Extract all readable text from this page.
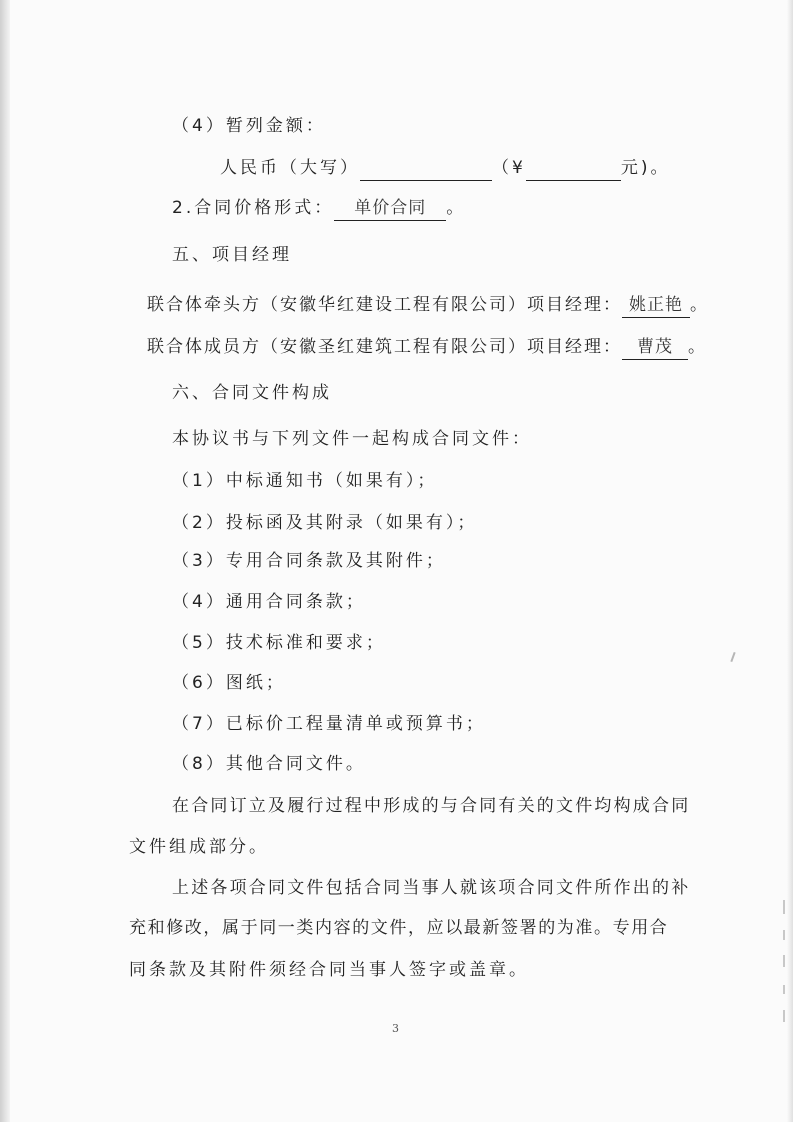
（4）暂列金额：
人民币（大写）	（¥	元)。
2.合同价格形式： 单价合同 。
五、项目经理
联合体牵头方（安徽华红建设工程有限公司）项目经理： 姚正艳 。
联合体成员方（安徽圣红建筑工程有限公司）项目经理： 曹茂 。
六、合同文件构成
本协议书与下列文件一起构成合同文件：
（1）中标通知书（如果有）；
（2）投标函及其附录（如果有）；
（3）专用合同条款及其附件；
（4）通用合同条款；
（5）技术标准和要求；
（6）图纸；
（7）已标价工程量清单或预算书；
（8）其他合同文件。
在合同订立及履行过程中形成的与合同有关的文件均构成合同
文件组成部分。
上述各项合同文件包括合同当事人就该项合同文件所作出的补
充和修改，属于同一类内容的文件，应以最新签署的为准。专用合
同条款及其附件须经合同当事人签字或盖章。
3
